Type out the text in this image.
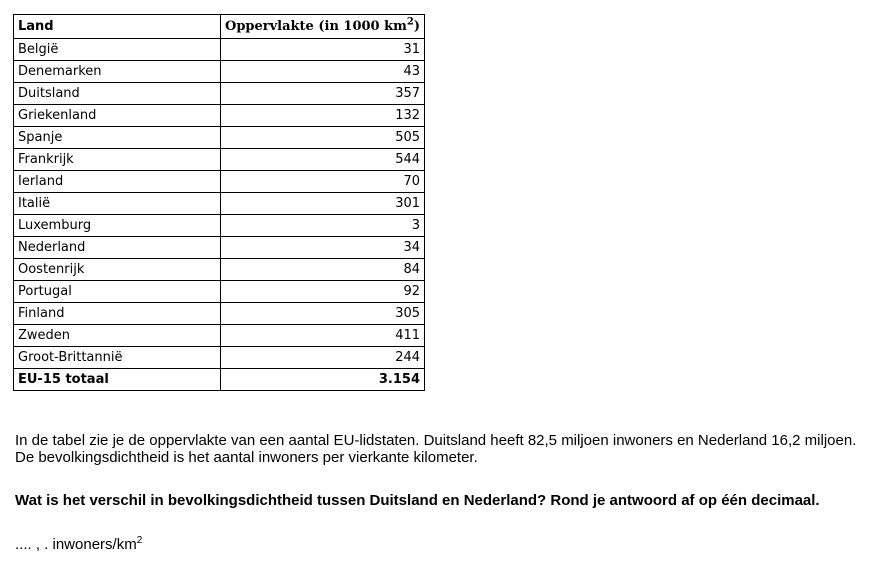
Land	Oppervlakte (in 1000 $km^2$)
België	31
Denemarken	43
Duitsland	357
Griekenland	132
Spanje	505
Frankrijk	544
Ierland	70
Italië	301
Luxemburg	3
Nederland	34
Oostenrijk	84
Portugal	92
Finland	305
Zweden	411
Groot-Brittannië	244
EU-15 totaal	3.154
In de tabel zie je de oppervlakte van een aantal EU-lidstaten. Duitsland heeft 82,5 miljoen inwoners en Nederland 16,2 miljoen.
De bevolkingsdichtheid is het aantal inwoners per vierkante kilometer.
Wat is het verschil in bevolkingsdichtheid tussen Duitsland en Nederland? Rond je antwoord af op één decimaal.
.... , . inwoners/$km^2$
